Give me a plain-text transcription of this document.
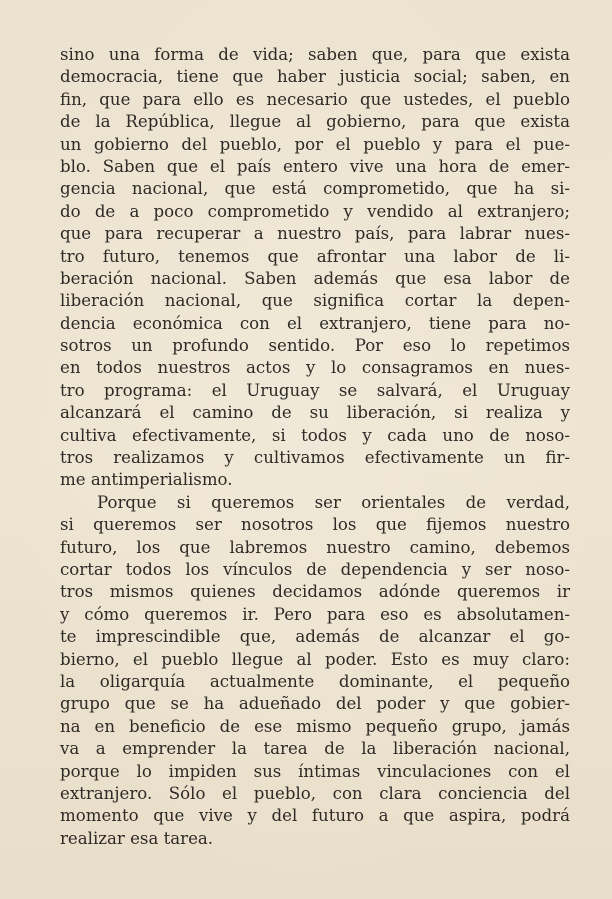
sino una forma de vida; saben que, para que exista
democracia, tiene que haber justicia social; saben, en
fin, que para ello es necesario que ustedes, el pueblo
de la República, llegue al gobierno, para que exista
un gobierno del pueblo, por el pueblo y para el pue-
blo. Saben que el país entero vive una hora de emer-
gencia nacional, que está comprometido, que ha si-
do de a poco comprometido y vendido al extranjero;
que para recuperar a nuestro país, para labrar nues-
tro futuro, tenemos que afrontar una labor de li-
beración nacional. Saben además que esa labor de
liberación nacional, que significa cortar la depen-
dencia económica con el extranjero, tiene para no-
sotros un profundo sentido. Por eso lo repetimos
en todos nuestros actos y lo consagramos en nues-
tro programa: el Uruguay se salvará, el Uruguay
alcanzará el camino de su liberación, si realiza y
cultiva efectivamente, si todos y cada uno de noso-
tros realizamos y cultivamos efectivamente un fir-
me antimperialismo.
Porque si queremos ser orientales de verdad,
si queremos ser nosotros los que fijemos nuestro
futuro, los que labremos nuestro camino, debemos
cortar todos los vínculos de dependencia y ser noso-
tros mismos quienes decidamos adónde queremos ir
y cómo queremos ir. Pero para eso es absolutamen-
te imprescindible que, además de alcanzar el go-
bierno, el pueblo llegue al poder. Esto es muy claro:
la oligarquía actualmente dominante, el pequeño
grupo que se ha adueñado del poder y que gobier-
na en beneficio de ese mismo pequeño grupo, jamás
va a emprender la tarea de la liberación nacional,
porque lo impiden sus íntimas vinculaciones con el
extranjero. Sólo el pueblo, con clara conciencia del
momento que vive y del futuro a que aspira, podrá
realizar esa tarea.
